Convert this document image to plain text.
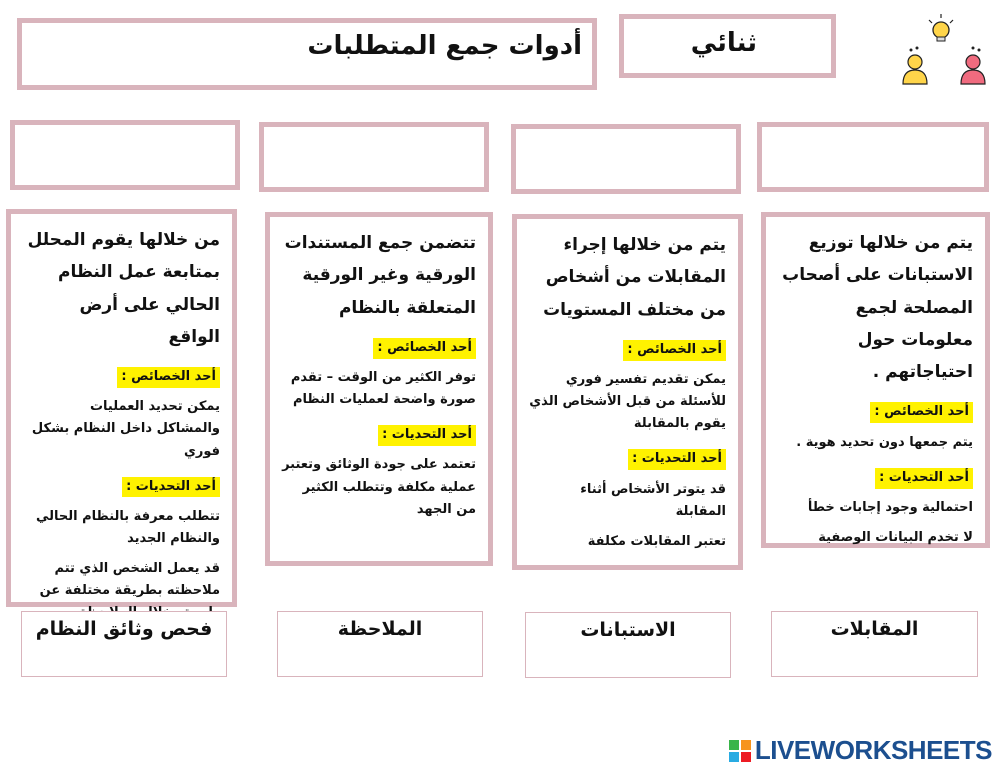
أدوات جمع المتطلبات	ثنائي

يتم من خلالها توزيع الاستبانات على أصحاب المصلحة لجمع معلومات حول احتياجاتهم .

أحد الخصائص :

يتم جمعها دون تحديد هوية .

أحد التحديات :

احتمالية وجود إجابات خطأ

لا تخدم البيانات الوصفية

يتم من خلالها إجراء المقابلات من أشخاص من مختلف المستويات

أحد الخصائص :

يمكن تقديم تفسير فوري للأسئلة من قبل الأشخاص الذي يقوم بالمقابلة

أحد التحديات :

قد يتوتر الأشخاص أثناء المقابلة

تعتبر المقابلات مكلفة

تتضمن جمع المستندات الورقية وغير الورقية المتعلقة بالنظام

أحد الخصائص :

توفر الكثير من الوقت – تقدم صورة واضحة لعمليات النظام

أحد التحديات :

تعتمد على جودة الوثائق وتعتبر عملية مكلفة وتتطلب الكثير من الجهد

من خلالها يقوم المحلل بمتابعة عمل النظام الحالي على أرض الواقع

أحد الخصائص :

يمكن تحديد العمليات والمشاكل داخل النظام بشكل فوري

أحد التحديات :

تتطلب معرفة بالنظام الحالي والنظام الجديد

قد يعمل الشخص الذي تتم ملاحظته بطريقة مختلفة عن

المقابلات
الاستبانات
الملاحظة
فحص وثائق النظام
LIVEWORKSHEETS
